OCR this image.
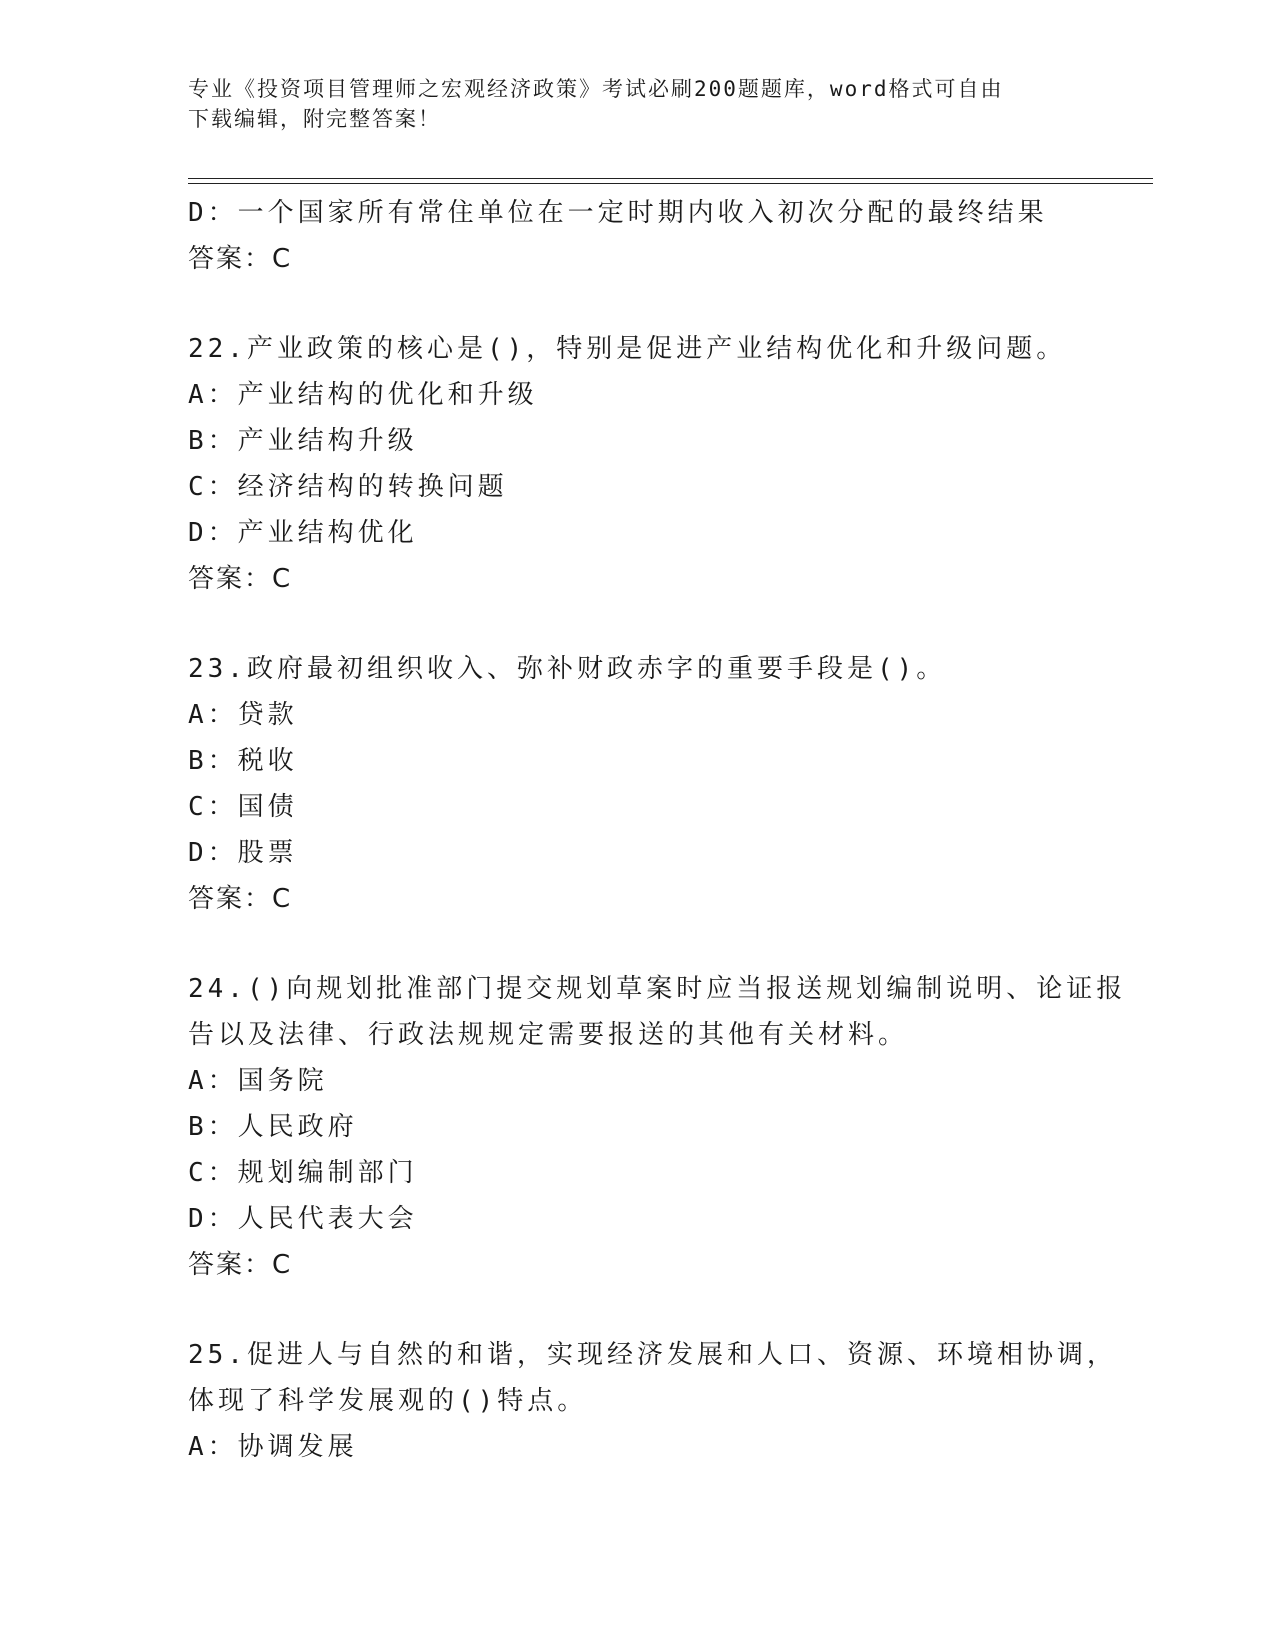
专业《投资项目管理师之宏观经济政策》考试必刷200题题库，word格式可自由
下载编辑，附完整答案！
D：一个国家所有常住单位在一定时期内收入初次分配的最终结果
答案：C
22.产业政策的核心是()，特别是促进产业结构优化和升级问题。
A：产业结构的优化和升级
B：产业结构升级
C：经济结构的转换问题
D：产业结构优化
答案：C
23.政府最初组织收入、弥补财政赤字的重要手段是()。
A：贷款
B：税收
C：国债
D：股票
答案：C
24.()向规划批准部门提交规划草案时应当报送规划编制说明、论证报
告以及法律、行政法规规定需要报送的其他有关材料。
A：国务院
B：人民政府
C：规划编制部门
D：人民代表大会
答案：C
25.促进人与自然的和谐，实现经济发展和人口、资源、环境相协调，
体现了科学发展观的()特点。
A：协调发展
